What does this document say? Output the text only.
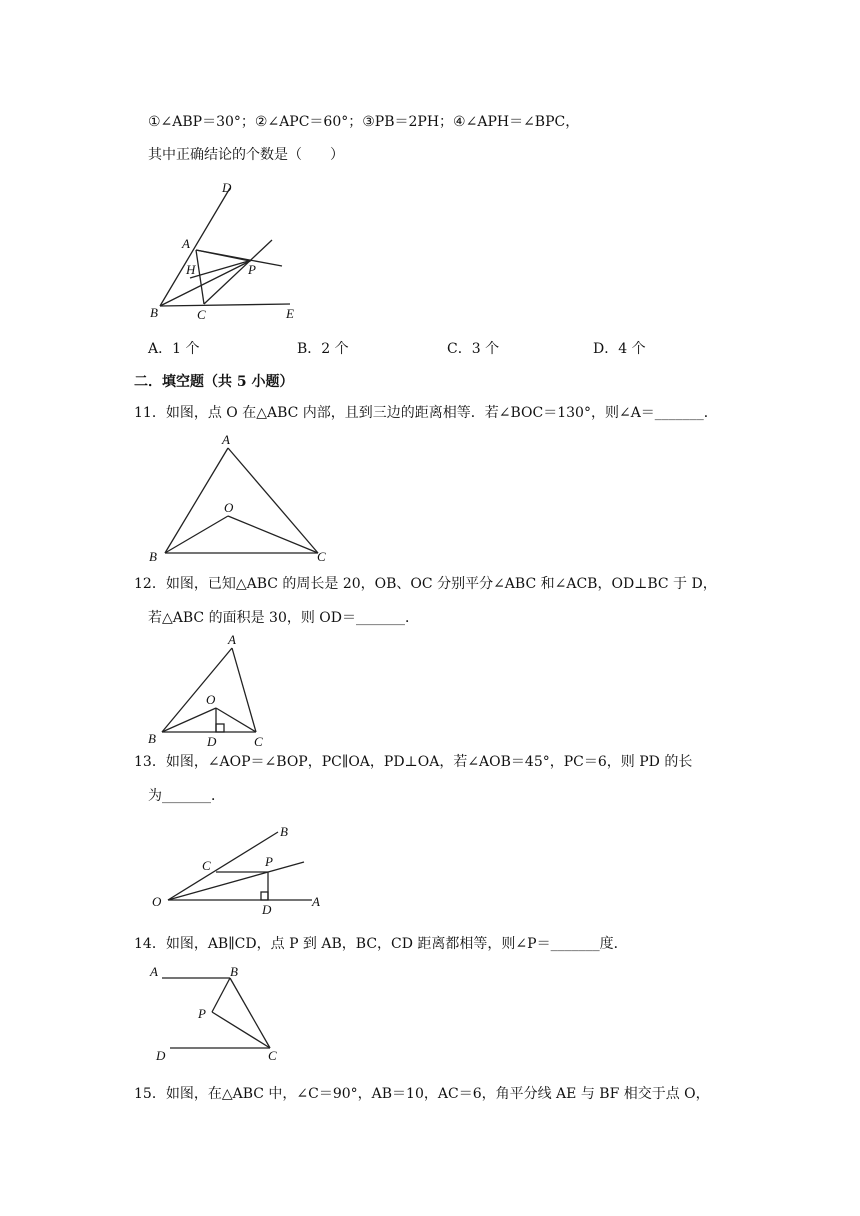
①∠ABP＝30°；②∠APC＝60°；③PB＝2PH；④∠APH＝∠BPC，
其中正确结论的个数是（　　）
D
A
H	P
B	C	E
A．1 个	B．2 个	C．3 个	D．4 个
二．填空题（共 5 小题）
11．如图，点 O 在△ABC 内部，且到三边的距离相等．若∠BOC＝130°，则∠A＝_______．
A
O
B	C
12．如图，已知△ABC 的周长是 20，OB、OC 分别平分∠ABC 和∠ACB，OD⊥BC 于 D，
若△ABC 的面积是 30，则 OD＝_______．
A
O
B	D	C
13．如图，∠AOP＝∠BOP，PC∥OA，PD⊥OA，若∠AOB＝45°，PC＝6，则 PD 的长
为_______．
B
C	P
O
D
A
14．如图，AB∥CD，点 P 到 AB，BC，CD 距离都相等，则∠P＝_______度．
A	B
P
D	C
15．如图，在△ABC 中，∠C＝90°，AB＝10，AC＝6，角平分线 AE 与 BF 相交于点 O，
